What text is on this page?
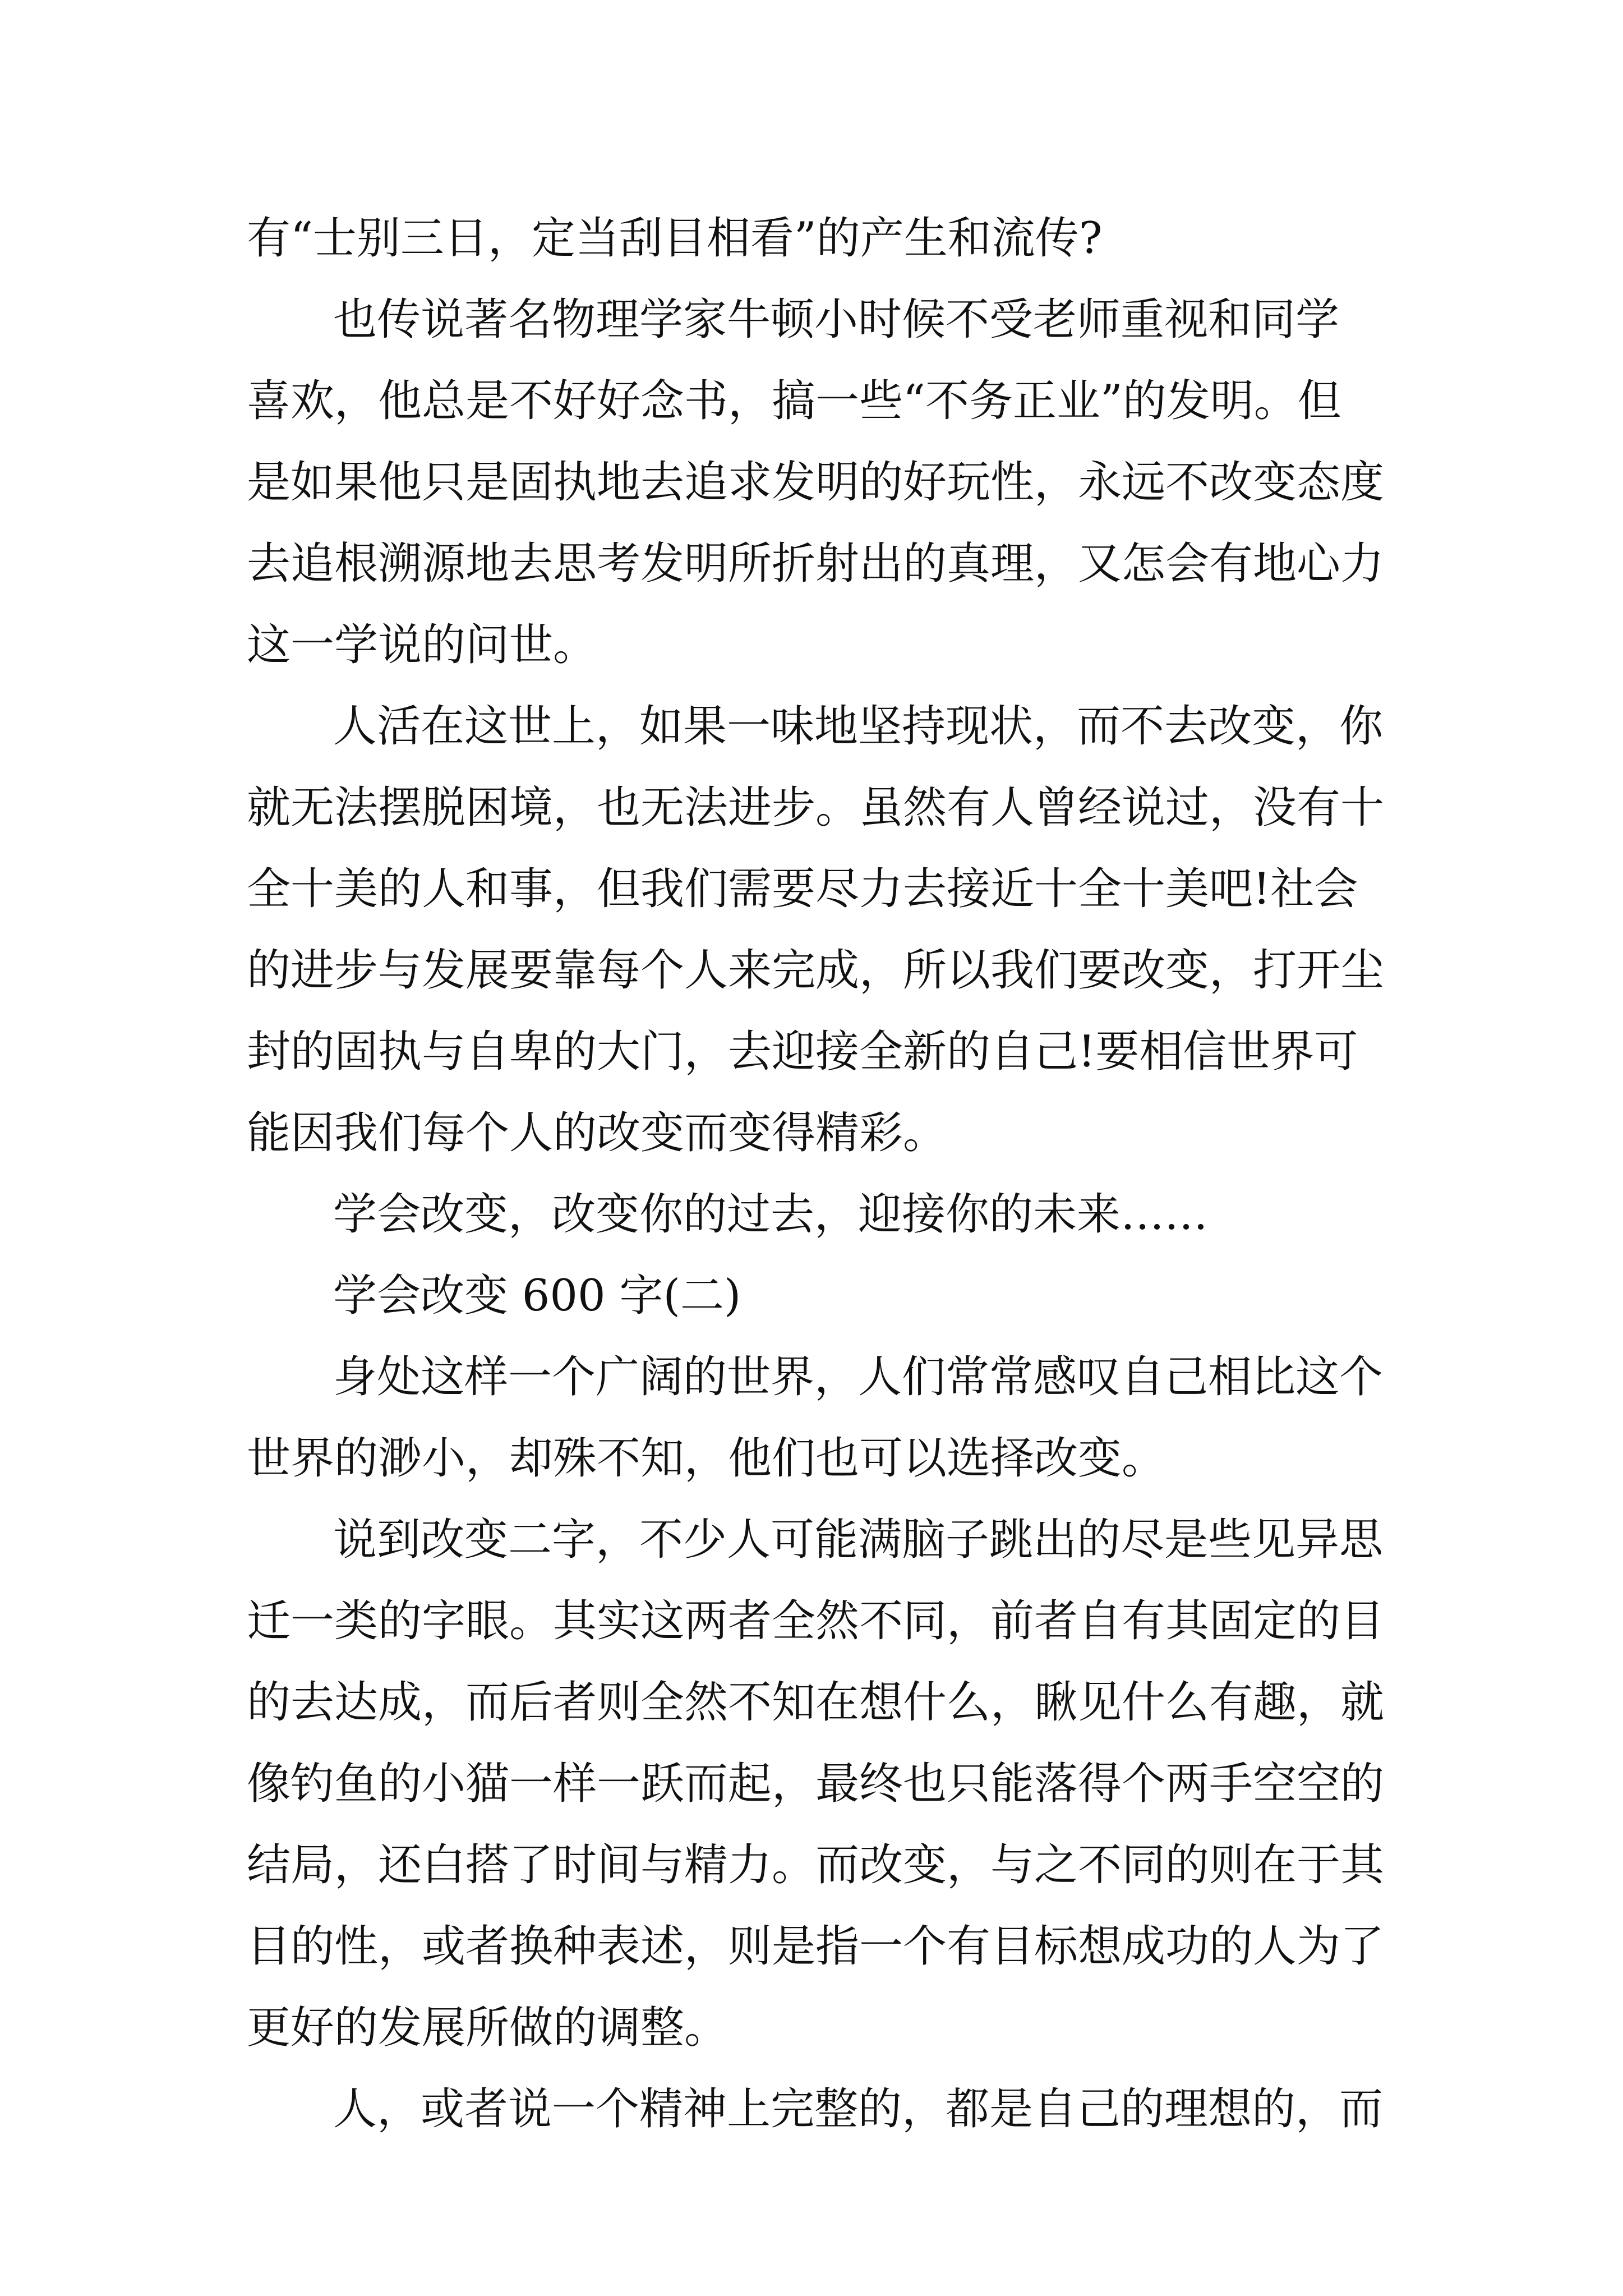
有“士别三日，定当刮目相看”的产生和流传?

也传说著名物理学家牛顿小时候不受老师重视和同学

喜欢，他总是不好好念书，搞一些“不务正业”的发明。但

是如果他只是固执地去追求发明的好玩性，永远不改变态度

去追根溯源地去思考发明所折射出的真理，又怎会有地心力

这一学说的问世。

人活在这世上，如果一味地坚持现状，而不去改变，你

就无法摆脱困境，也无法进步。虽然有人曾经说过，没有十

全十美的人和事，但我们需要尽力去接近十全十美吧!社会

的进步与发展要靠每个人来完成，所以我们要改变，打开尘

封的固执与自卑的大门，去迎接全新的自己!要相信世界可

能因我们每个人的改变而变得精彩。

学会改变，改变你的过去，迎接你的未来……

学会改变 600 字(二)

身处这样一个广阔的世界，人们常常感叹自己相比这个

世界的渺小，却殊不知，他们也可以选择改变。

说到改变二字，不少人可能满脑子跳出的尽是些见异思

迁一类的字眼。其实这两者全然不同，前者自有其固定的目

的去达成，而后者则全然不知在想什么，瞅见什么有趣，就

像钓鱼的小猫一样一跃而起，最终也只能落得个两手空空的

结局，还白搭了时间与精力。而改变，与之不同的则在于其

目的性，或者换种表述，则是指一个有目标想成功的人为了

更好的发展所做的调整。

人，或者说一个精神上完整的，都是自己的理想的，而
